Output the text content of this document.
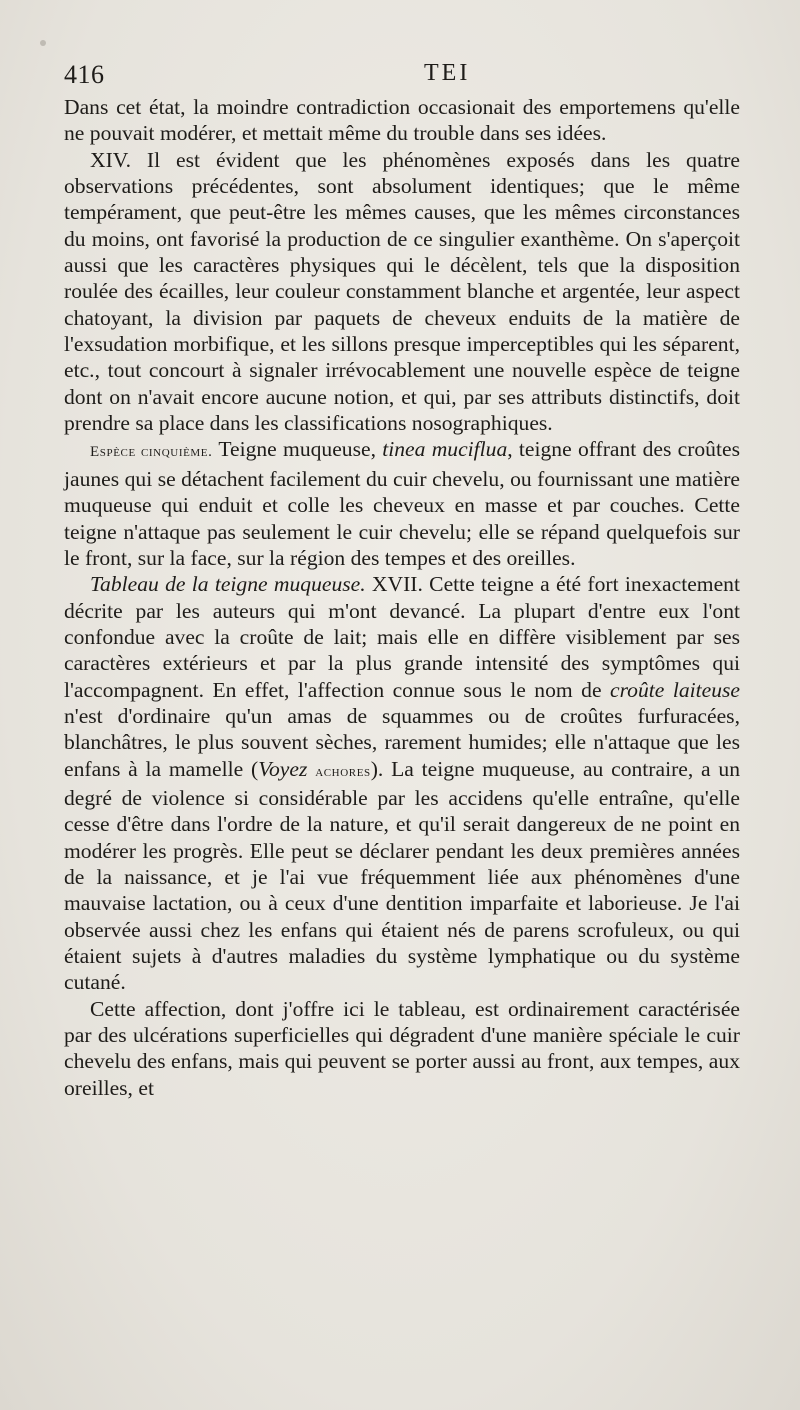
416	TEI

Dans cet état, la moindre contradiction occasionait des emportemens qu'elle ne pouvait modérer, et mettait même du trouble dans ses idées.

XIV. Il est évident que les phénomènes exposés dans les quatre observations précédentes, sont absolument identiques; que le même tempérament, que peut-être les mêmes causes, que les mêmes circonstances du moins, ont favorisé la production de ce singulier exanthème. On s'aperçoit aussi que les caractères physiques qui le décèlent, tels que la disposition roulée des écailles, leur couleur constamment blanche et argentée, leur aspect chatoyant, la division par paquets de cheveux enduits de la matière de l'exsudation morbifique, et les sillons presque imperceptibles qui les séparent, etc., tout concourt à signaler irrévocablement une nouvelle espèce de teigne dont on n'avait encore aucune notion, et qui, par ses attributs distinctifs, doit prendre sa place dans les classifications nosographiques.

Espèce cinquième. Teigne muqueuse, tinea muciflua, teigne offrant des croûtes jaunes qui se détachent facilement du cuir chevelu, ou fournissant une matière muqueuse qui enduit et colle les cheveux en masse et par couches. Cette teigne n'attaque pas seulement le cuir chevelu; elle se répand quelquefois sur le front, sur la face, sur la région des tempes et des oreilles.

Tableau de la teigne muqueuse. XVII. Cette teigne a été fort inexactement décrite par les auteurs qui m'ont devancé. La plupart d'entre eux l'ont confondue avec la croûte de lait; mais elle en diffère visiblement par ses caractères extérieurs et par la plus grande intensité des symptômes qui l'accompagnent. En effet, l'affection connue sous le nom de croûte laiteuse n'est d'ordinaire qu'un amas de squammes ou de croûtes furfuracées, blanchâtres, le plus souvent sèches, rarement humides; elle n'attaque que les enfans à la mamelle (Voyez achores). La teigne muqueuse, au contraire, a un degré de violence si considérable par les accidens qu'elle entraîne, qu'elle cesse d'être dans l'ordre de la nature, et qu'il serait dangereux de ne point en modérer les progrès. Elle peut se déclarer pendant les deux premières années de la naissance, et je l'ai vue fréquemment liée aux phénomènes d'une mauvaise lactation, ou à ceux d'une dentition imparfaite et laborieuse. Je l'ai observée aussi chez les enfans qui étaient nés de parens scrofuleux, ou qui étaient sujets à d'autres maladies du système lymphatique ou du système cutané.

Cette affection, dont j'offre ici le tableau, est ordinairement caractérisée par des ulcérations superficielles qui dégradent d'une manière spéciale le cuir chevelu des enfans, mais qui peuvent se porter aussi au front, aux tempes, aux oreilles, et
